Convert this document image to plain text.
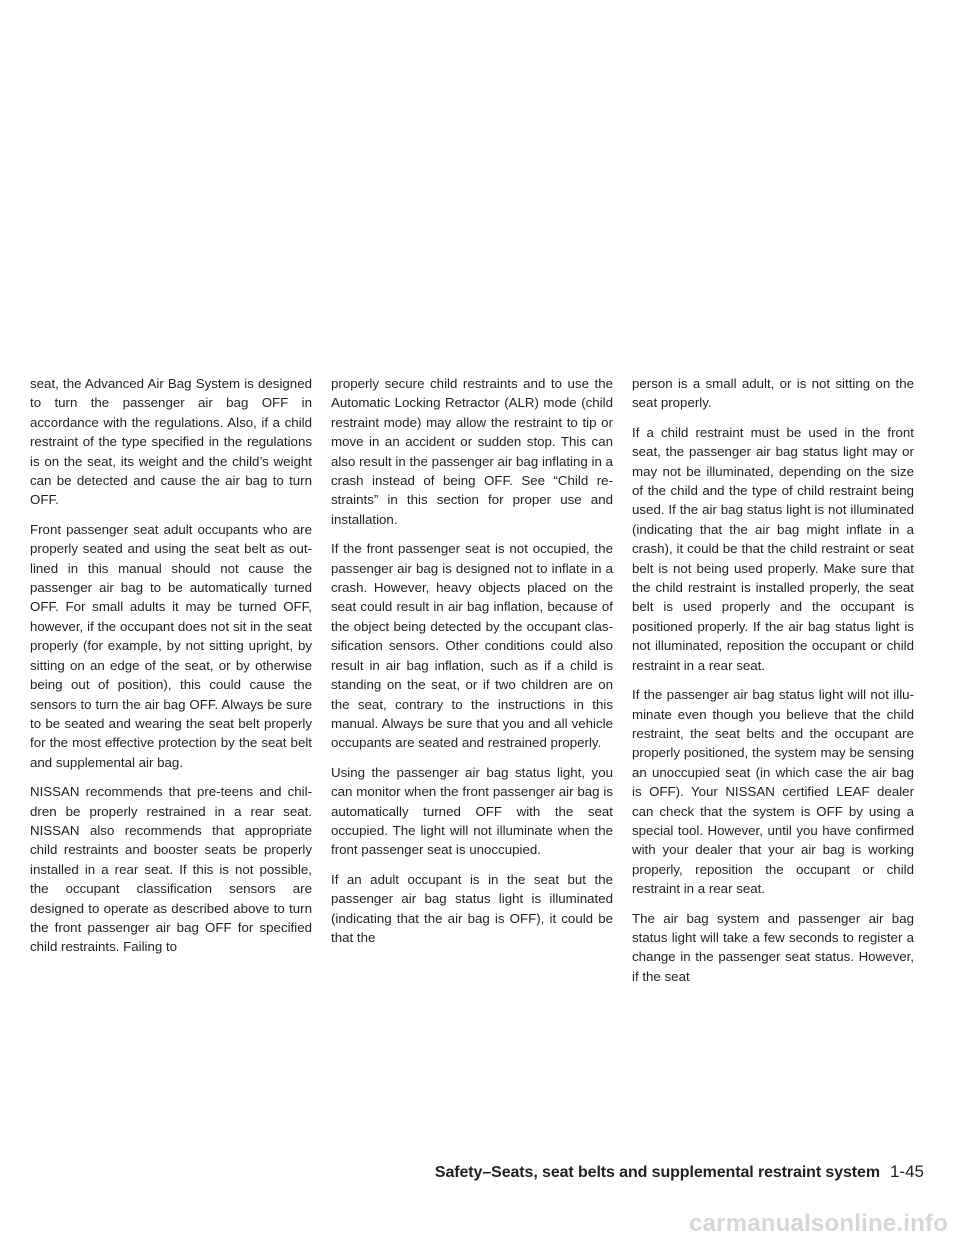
seat, the Advanced Air Bag System is designed to turn the passenger air bag OFF in accordance with the regulations. Also, if a child restraint of the type specified in the regulations is on the seat, its weight and the child’s weight can be detected and cause the air bag to turn OFF.

Front passenger seat adult occupants who are properly seated and using the seat belt as outlined in this manual should not cause the passenger air bag to be automatically turned OFF. For small adults it may be turned OFF, however, if the occupant does not sit in the seat properly (for example, by not sitting upright, by sitting on an edge of the seat, or by otherwise being out of position), this could cause the sensors to turn the air bag OFF. Always be sure to be seated and wearing the seat belt properly for the most effective protection by the seat belt and supplemental air bag.

NISSAN recommends that pre-teens and children be properly restrained in a rear seat. NISSAN also recommends that appropriate child restraints and booster seats be properly installed in a rear seat. If this is not possible, the occupant classification sensors are designed to operate as described above to turn the front passenger air bag OFF for specified child restraints. Failing to

properly secure child restraints and to use the Automatic Locking Retractor (ALR) mode (child restraint mode) may allow the restraint to tip or move in an accident or sudden stop. This can also result in the passenger air bag inflating in a crash instead of being OFF. See “Child restraints” in this section for proper use and installation.

If the front passenger seat is not occupied, the passenger air bag is designed not to inflate in a crash. However, heavy objects placed on the seat could result in air bag inflation, because of the object being detected by the occupant classification sensors. Other conditions could also result in air bag inflation, such as if a child is standing on the seat, or if two children are on the seat, contrary to the instructions in this manual. Always be sure that you and all vehicle occupants are seated and restrained properly.

Using the passenger air bag status light, you can monitor when the front passenger air bag is automatically turned OFF with the seat occupied. The light will not illuminate when the front passenger seat is unoccupied.

If an adult occupant is in the seat but the passenger air bag status light is illuminated (indicating that the air bag is OFF), it could be that the

person is a small adult, or is not sitting on the seat properly.

If a child restraint must be used in the front seat, the passenger air bag status light may or may not be illuminated, depending on the size of the child and the type of child restraint being used. If the air bag status light is not illuminated (indicating that the air bag might inflate in a crash), it could be that the child restraint or seat belt is not being used properly. Make sure that the child restraint is installed properly, the seat belt is used properly and the occupant is positioned properly. If the air bag status light is not illuminated, reposition the occupant or child restraint in a rear seat.

If the passenger air bag status light will not illuminate even though you believe that the child restraint, the seat belts and the occupant are properly positioned, the system may be sensing an unoccupied seat (in which case the air bag is OFF). Your NISSAN certified LEAF dealer can check that the system is OFF by using a special tool. However, until you have confirmed with your dealer that your air bag is working properly, reposition the occupant or child restraint in a rear seat.

The air bag system and passenger air bag status light will take a few seconds to register a change in the passenger seat status. However, if the seat

Safety–Seats, seat belts and supplemental restraint system 1-45
carmanualsonline.info
